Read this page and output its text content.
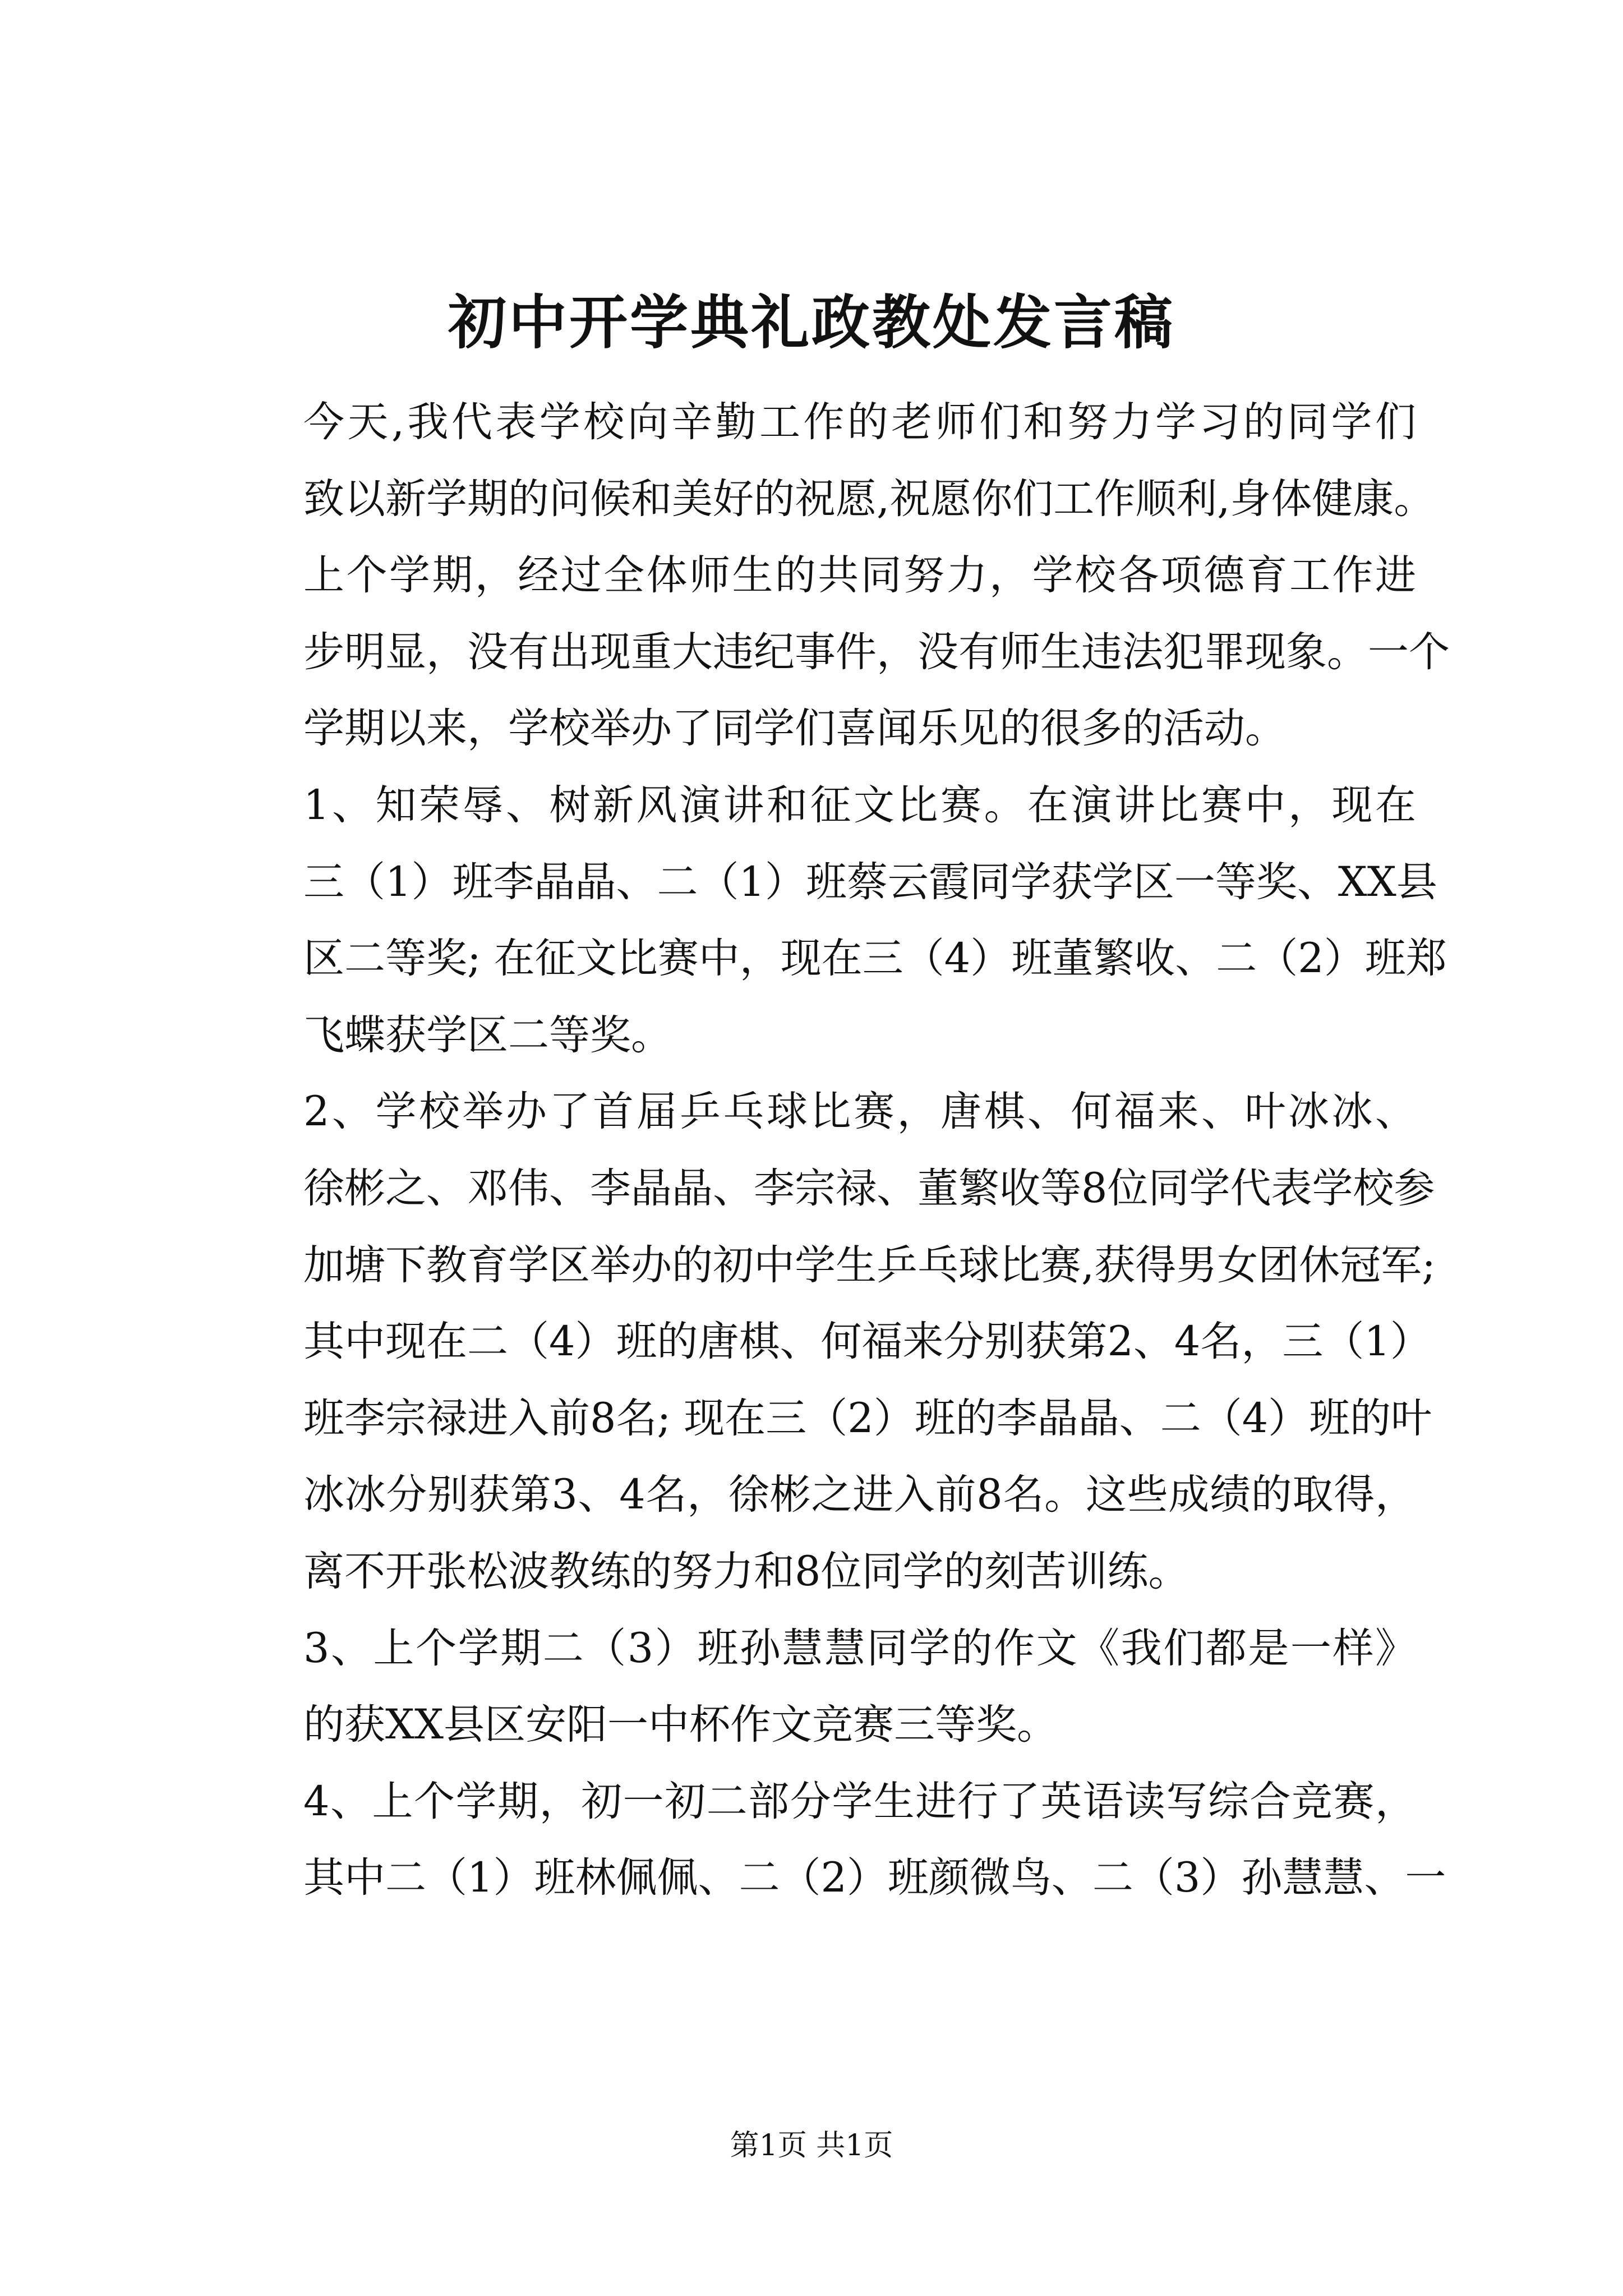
初中开学典礼政教处发言稿

今天,我代表学校向辛勤工作的老师们和努力学习的同学们
致以新学期的问候和美好的祝愿,祝愿你们工作顺利,身体健康。

上个学期，经过全体师生的共同努力，学校各项德育工作进
步明显，没有出现重大违纪事件，没有师生违法犯罪现象。一个
学期以来，学校举办了同学们喜闻乐见的很多的活动。

1、知荣辱、树新风演讲和征文比赛。在演讲比赛中，现在
三（1）班李晶晶、二（1）班蔡云霞同学获学区一等奖、XX县
区二等奖; 在征文比赛中，现在三（4）班董繁收、二（2）班郑
飞蝶获学区二等奖。

2、学校举办了首届乒乓球比赛，唐棋、何福来、叶冰冰、
徐彬之、邓伟、李晶晶、李宗禄、董繁收等8位同学代表学校参
加塘下教育学区举办的初中学生乒乓球比赛,获得男女团休冠军;
其中现在二（4）班的唐棋、何福来分别获第2、4名，三（1）
班李宗禄进入前8名; 现在三（2）班的李晶晶、二（4）班的叶
冰冰分别获第3、4名，徐彬之进入前8名。这些成绩的取得，
离不开张松波教练的努力和8位同学的刻苦训练。

3、上个学期二（3）班孙慧慧同学的作文《我们都是一样》
的获XX县区安阳一中杯作文竞赛三等奖。

4、上个学期，初一初二部分学生进行了英语读写综合竞赛，
其中二（1）班林佩佩、二（2）班颜微鸟、二（3）孙慧慧、一

第1页 共1页
